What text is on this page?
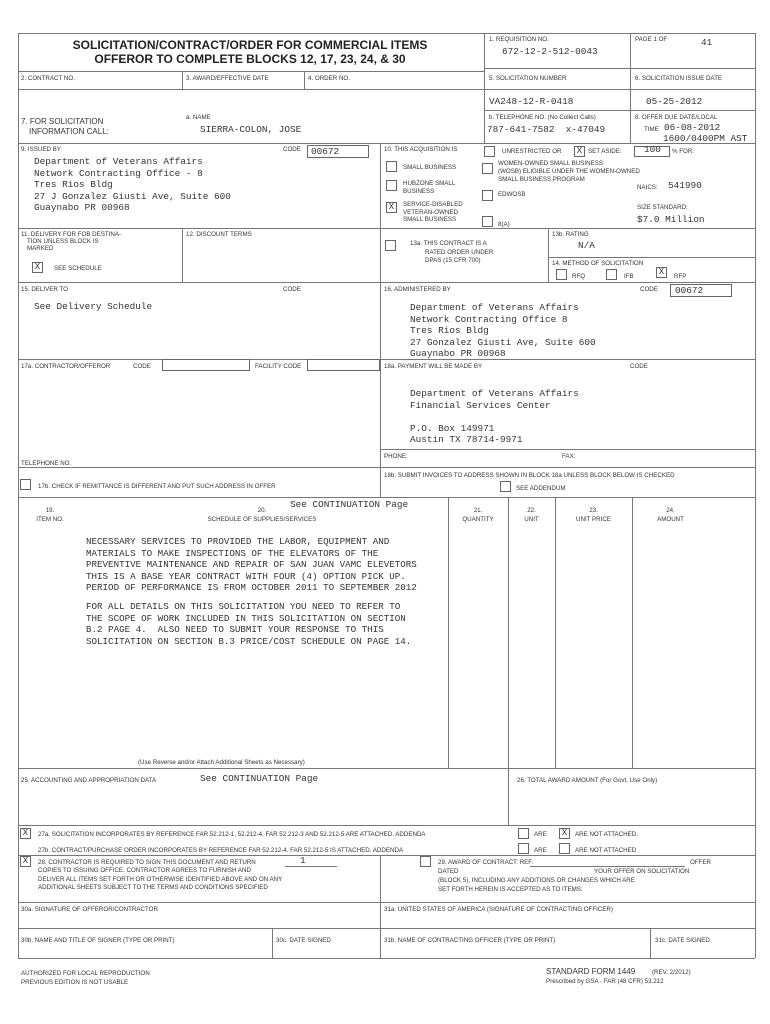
SOLICITATION/CONTRACT/ORDER FOR COMMERCIAL ITEMS
OFFEROR TO COMPLETE BLOCKS 12, 17, 23, 24, & 30
1. REQUISITION NO.
672-12-2-512-0043
PAGE 1 OF	41
2. CONTRACT NO.	3. AWARD/EFFECTIVE DATE	4. ORDER NO.	5. SOLICITATION NUMBER
VA248-12-R-0418
6. SOLICITATION ISSUE DATE
05-25-2012
7. FOR SOLICITATION
INFORMATION CALL:
a. NAME
SIERRA-COLON, JOSE
b. TELEPHONE NO. (No Collect Calls)
787-641-7582  x-47049
8. OFFER DUE DATE/LOCAL
TIME 06-08-2012
1600/0400PM AST
9. ISSUED BY	CODE 00672
Department of Veterans Affairs
Network Contracting Office - 8
Tres Rios Bldg
27 J Gonzalez Giusti Ave, Suite 600
Guaynabo PR 00968
10. THIS ACQUISITION IS	UNRESTRICTED OR	X SET ASIDE: 100 % FOR:
SMALL BUSINESS
HUBZONE SMALL
BUSINESS
X	SERVICE-DISABLED
VETERAN-OWNED
SMALL BUSINESS
WOMEN-OWNED SMALL BUSINESS
(WOSB) ELIGIBLE UNDER THE WOMEN-OWNED
SMALL BUSINESS PROGRAM
EDWOSB
8(A)
NAICS: 541990
SIZE STANDARD:
$7.0 Million
11. DELIVERY FOR FOB DESTINA-
TION UNLESS BLOCK IS
MARKED
X	SEE SCHEDULE
12. DISCOUNT TERMS
13a. THIS CONTRACT IS A
RATED ORDER UNDER
DPAS (15 CFR 700)
13b. RATING
N/A
14. METHOD OF SOLICITATION
RFQ	IFB	X	RFP
15. DELIVER TO	CODE
See Delivery Schedule
16. ADMINISTERED BY	CODE 00672
Department of Veterans Affairs
Network Contracting Office 8
Tres Rios Bldg
27 Gonzalez Giusti Ave, Suite 600
Guaynabo PR 00968
17a. CONTRACTOR/OFFEROR	CODE	FACILITY CODE	18a. PAYMENT WILL BE MADE BY	CODE
Department of Veterans Affairs
Financial Services Center

P.O. Box 149971
Austin TX 78714-9971
TELEPHONE NO.
PHONE:	FAX:
17b. CHECK IF REMITTANCE IS DIFFERENT AND PUT SUCH ADDRESS IN OFFER
18b. SUBMIT INVOICES TO ADDRESS SHOWN IN BLOCK 18a UNLESS BLOCK BELOW IS CHECKED
SEE ADDENDUM
19.
ITEM NO.
20.
SCHEDULE OF SUPPLIES/SERVICES
See CONTINUATION Page
21.
QUANTITY
22.
UNIT
23.
UNIT PRICE
24.
AMOUNT
NECESSARY SERVICES TO PROVIDED THE LABOR, EQUIPMENT AND
MATERIALS TO MAKE INSPECTIONS OF THE ELEVATORS OF THE
PREVENTIVE MAINTENANCE AND REPAIR OF SAN JUAN VAMC ELEVETORS
THIS IS A BASE YEAR CONTRACT WITH FOUR (4) OPTION PICK UP.
PERIOD OF PERFORMANCE IS FROM OCTOBER 2011 TO SEPTEMBER 2012
FOR ALL DETAILS ON THIS SOLICITATION YOU NEED TO REFER TO
THE SCOPE OF WORK INCLUDED IN THIS SOLICITATION ON SECTION
B.2 PAGE 4.  ALSO NEED TO SUBMIT YOUR RESPONSE TO THIS
SOLICITATION ON SECTION B.3 PRICE/COST SCHEDULE ON PAGE 14.
(Use Reverse and/or Attach Additional Sheets as Necessary)
25. ACCOUNTING AND APPROPRIATION DATA	See CONTINUATION Page	26. TOTAL AWARD AMOUNT (For Govt. Use Only)
X	27a. SOLICITATION INCORPORATES BY REFERENCE FAR 52.212-1, 52.212-4. FAR 52.212-3 AND 52.212-5 ARE ATTACHED. ADDENDA	ARE	X	ARE NOT ATTACHED.
27b. CONTRACT/PURCHASE ORDER INCORPORATES BY REFERENCE FAR 52.212-4. FAR 52.212-5 IS ATTACHED. ADDENDA	ARE	ARE NOT ATTACHED
X	28. CONTRACTOR IS REQUIRED TO SIGN THIS DOCUMENT AND RETURN
COPIES TO ISSUING OFFICE. CONTRACTOR AGREES TO FURNISH AND
DELIVER ALL ITEMS SET FORTH OR OTHERWISE IDENTIFIED ABOVE AND ON ANY
ADDITIONAL SHEETS SUBJECT TO THE TERMS AND CONDITIONS SPECIFIED
1	29. AWARD OF CONTRACT: REF.	OFFER
DATED	YOUR OFFER ON SOLICITATION
(BLOCK 5), INCLUDING ANY ADDITIONS OR CHANGES WHICH ARE
SET FORTH HEREIN IS ACCEPTED AS TO ITEMS:
30a. SIGNATURE OF OFFEROR/CONTRACTOR	31a. UNITED STATES OF AMERICA (SIGNATURE OF CONTRACTING OFFICER)
30b. NAME AND TITLE OF SIGNER (TYPE OR PRINT)	30c. DATE SIGNED	31b. NAME OF CONTRACTING OFFICER (TYPE OR PRINT)	31c. DATE SIGNED
AUTHORIZED FOR LOCAL REPRODUCTION
PREVIOUS EDITION IS NOT USABLE
STANDARD FORM 1449	(REV. 2/2012)
Prescribed by GSA - FAR (48 CFR) 53.212
